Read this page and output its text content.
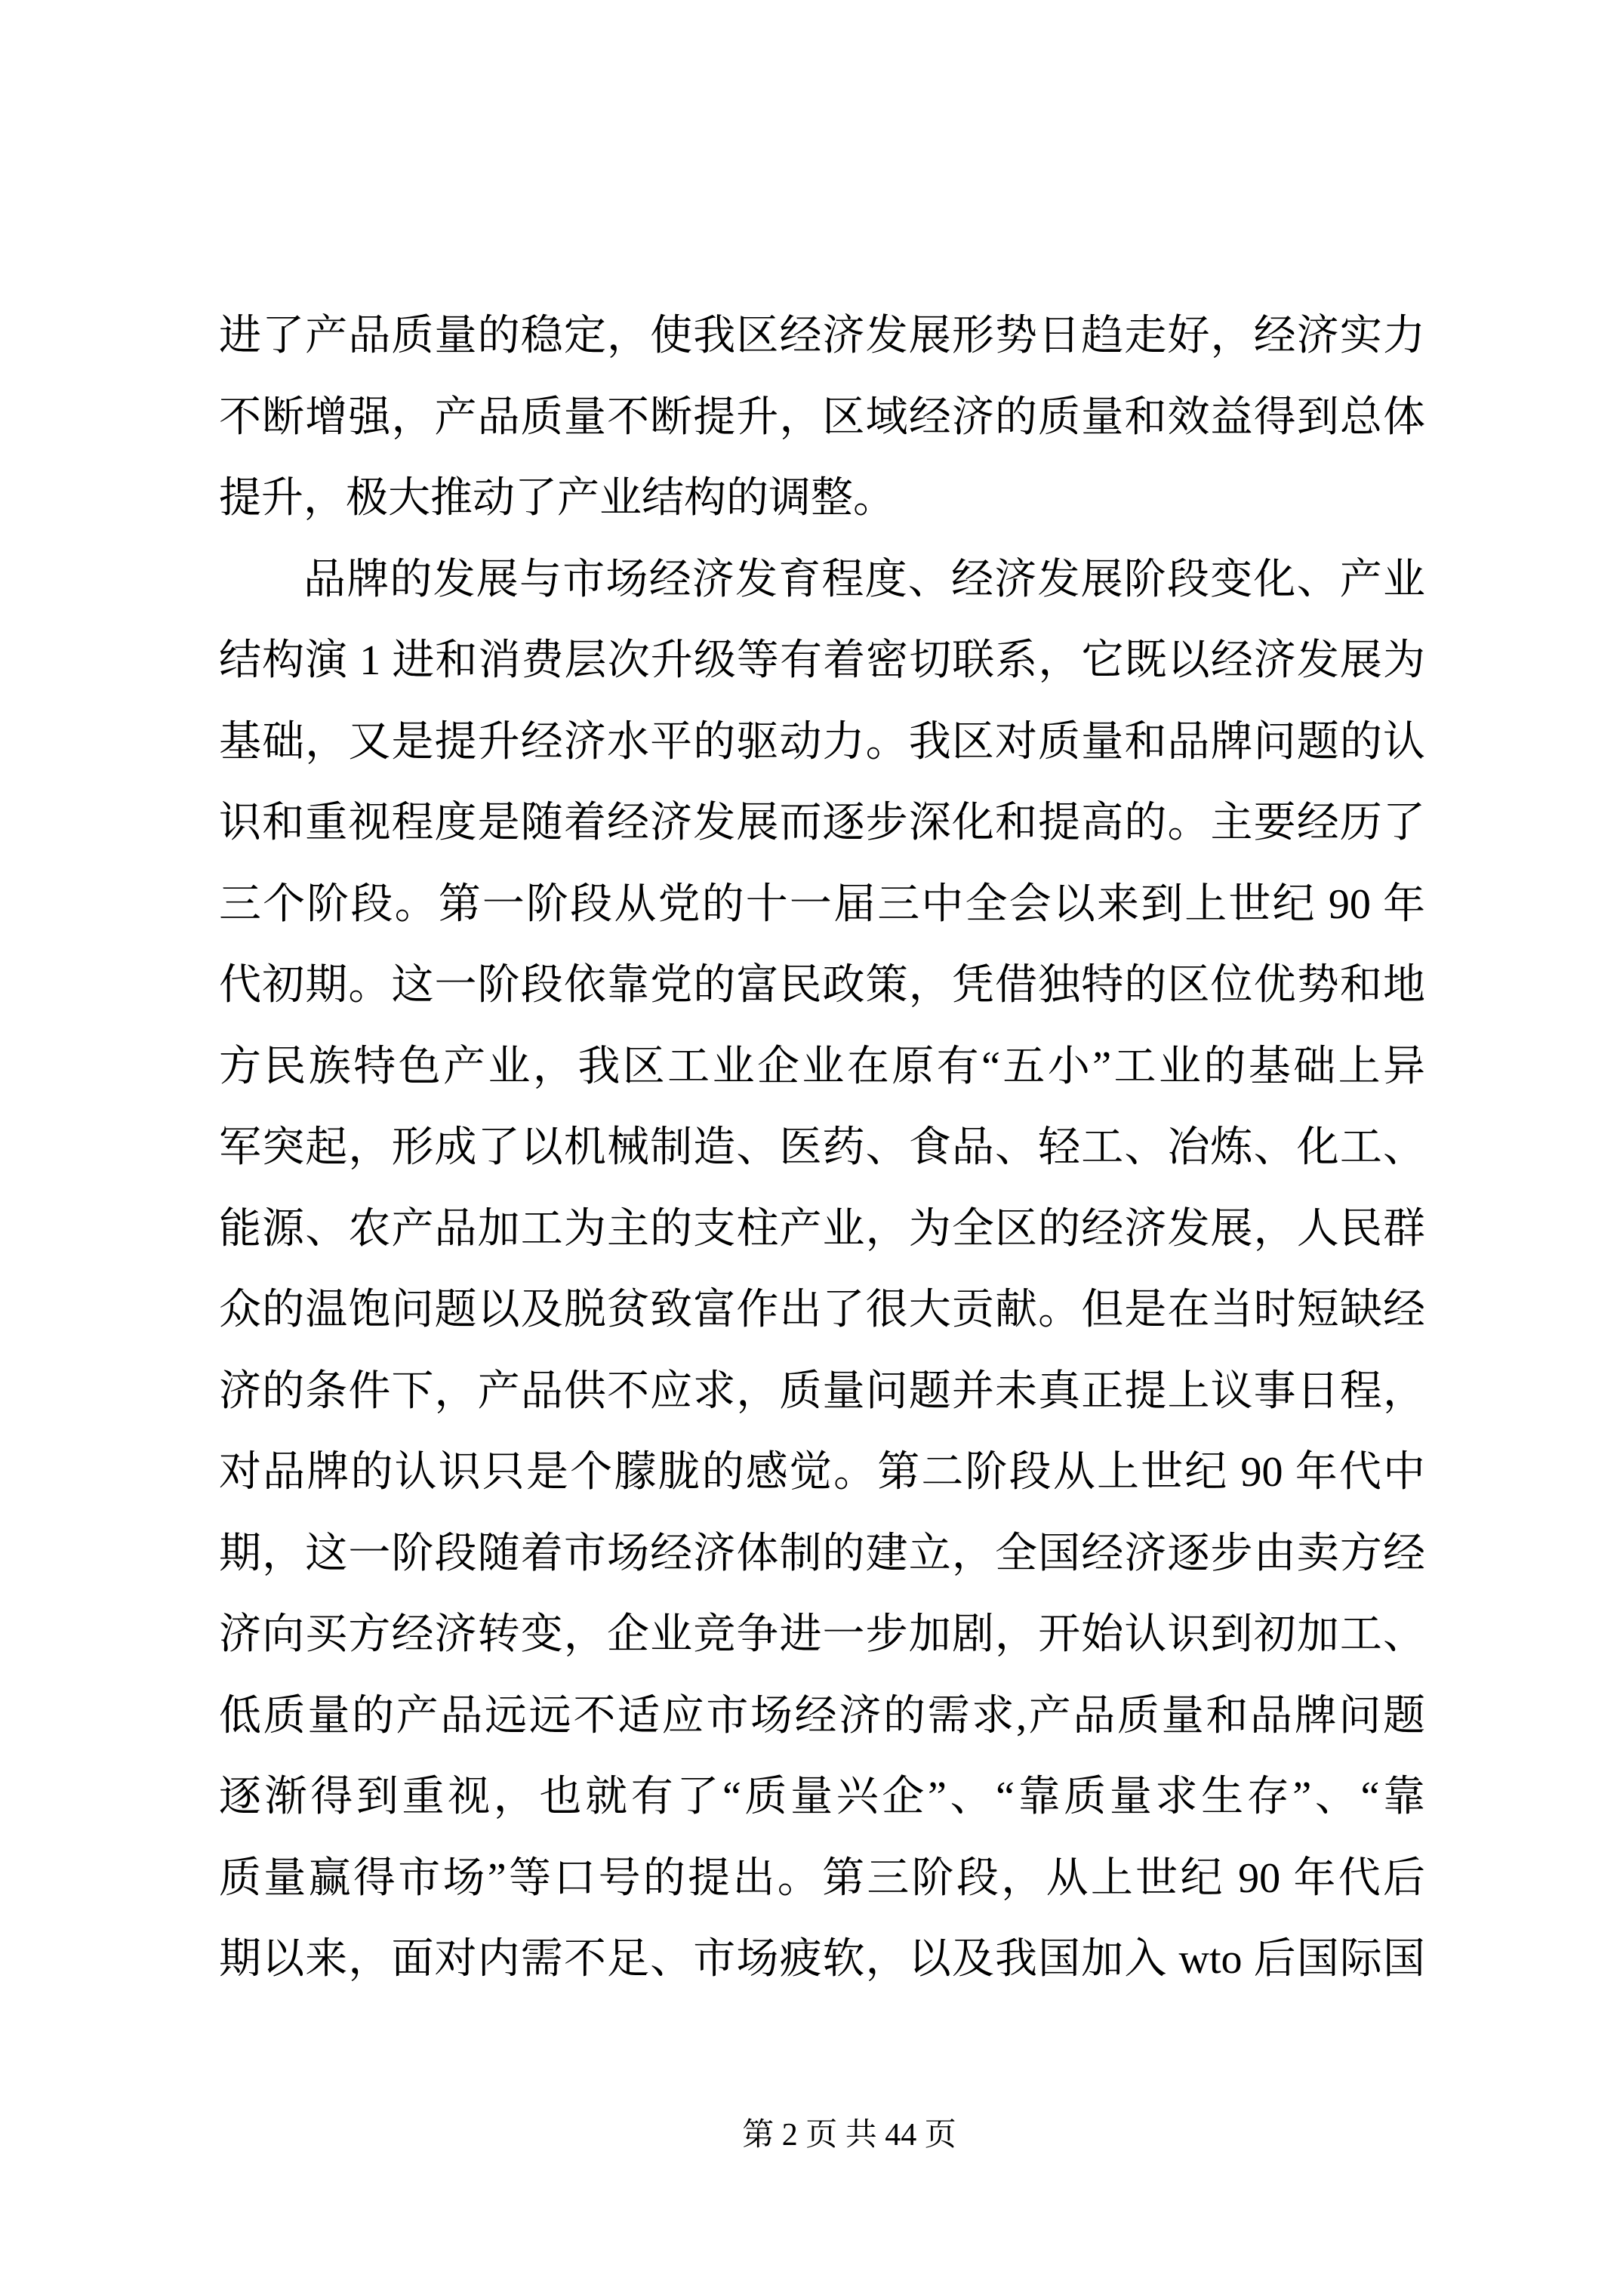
进了产品质量的稳定，使我区经济发展形势日趋走好，经济实力
不断增强，产品质量不断提升，区域经济的质量和效益得到总体
提升，极大推动了产业结构的调整。
品牌的发展与市场经济发育程度、经济发展阶段变化、产业
结构演 1 进和消费层次升级等有着密切联系，它既以经济发展为
基础，又是提升经济水平的驱动力。我区对质量和品牌问题的认
识和重视程度是随着经济发展而逐步深化和提高的。主要经历了
三个阶段。第一阶段从党的十一届三中全会以来到上世纪 90 年
代初期。这一阶段依靠党的富民政策，凭借独特的区位优势和地
方民族特色产业，我区工业企业在原有“五小”工业的基础上异
军突起，形成了以机械制造、医药、食品、轻工、冶炼、化工、
能源、农产品加工为主的支柱产业，为全区的经济发展，人民群
众的温饱问题以及脱贫致富作出了很大贡献。但是在当时短缺经
济的条件下，产品供不应求，质量问题并未真正提上议事日程，
对品牌的认识只是个朦胧的感觉。第二阶段从上世纪 90 年代中
期，这一阶段随着市场经济体制的建立，全国经济逐步由卖方经
济向买方经济转变，企业竞争进一步加剧，开始认识到初加工、
低质量的产品远远不适应市场经济的需求,产品质量和品牌问题
逐渐得到重视，也就有了“质量兴企”、“靠质量求生存”、“靠
质量赢得市场”等口号的提出。第三阶段，从上世纪 90 年代后
期以来，面对内需不足、市场疲软，以及我国加入 wto 后国际国
第 2 页 共 44 页
